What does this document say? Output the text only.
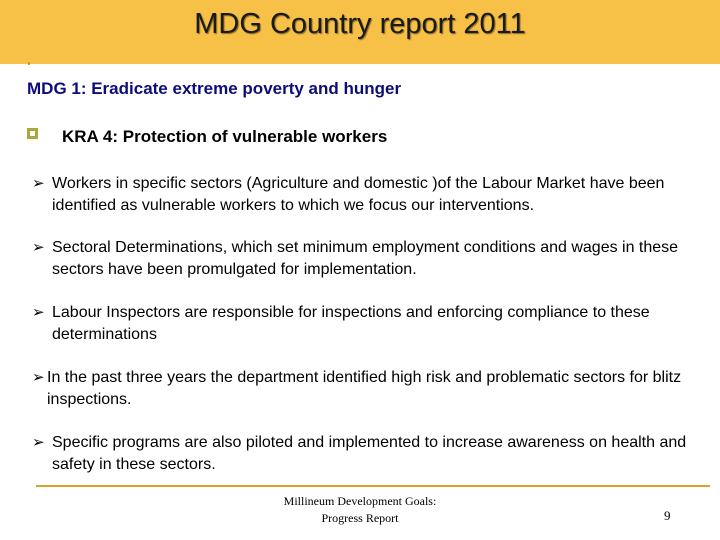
MDG Country report 2011
MDG 1: Eradicate extreme poverty and hunger
KRA 4: Protection of vulnerable workers
➢ Workers in specific sectors (Agriculture and domestic )of the Labour Market have been identified as vulnerable workers to which we focus our interventions.
➢ Sectoral Determinations, which set minimum employment conditions and wages in these sectors have been promulgated for implementation.
➢ Labour Inspectors are responsible for inspections and enforcing compliance to these determinations
➢ In the past three years the department identified high risk and problematic sectors for blitz inspections.
➢ Specific programs are also piloted and implemented to increase awareness on health and safety in these sectors.
Millineum Development Goals:
Progress Report	9
